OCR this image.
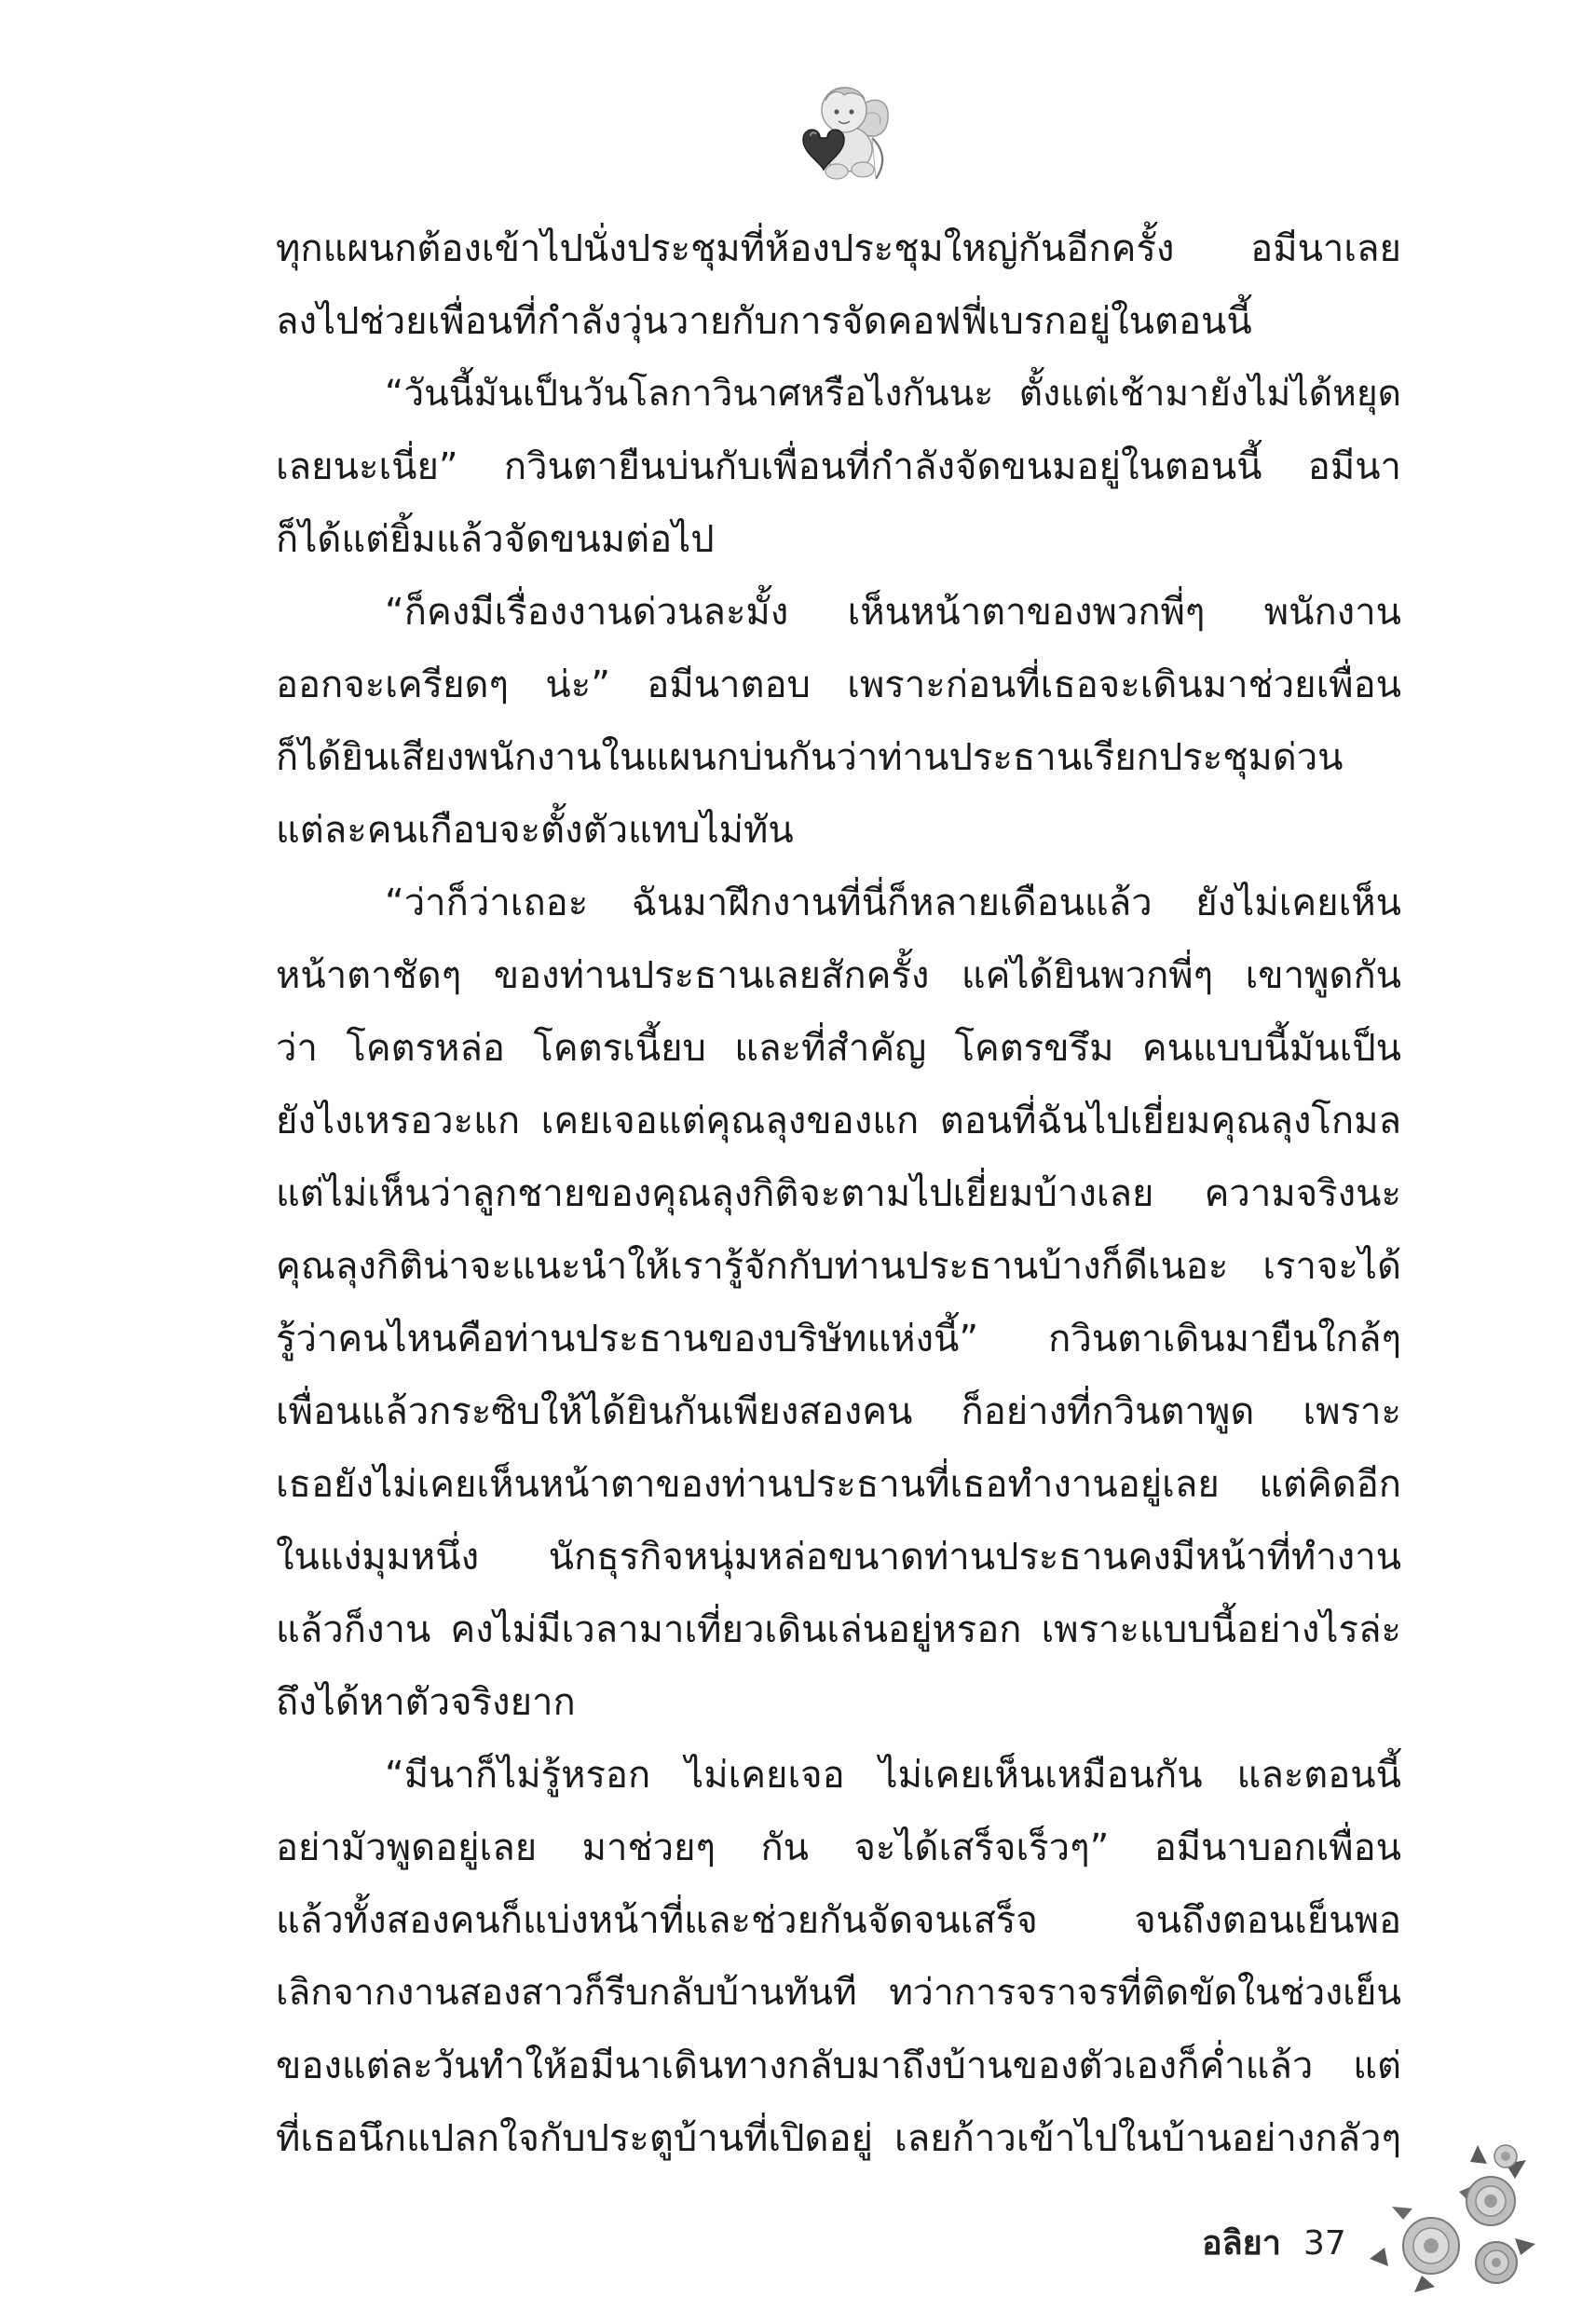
ทุกแผนกต้องเข้าไปนั่งประชุมที่ห้องประชุมใหญ่กันอีกครั้ง อมีนาเลย
ลงไปช่วยเพื่อนที่กำลังวุ่นวายกับการจัดคอฟฟี่เบรกอยู่ในตอนนี้
“วันนี้มันเป็นวันโลกาวินาศหรือไงกันนะ ตั้งแต่เช้ามายังไม่ได้หยุด
เลยนะเนี่ย” กวินตายืนบ่นกับเพื่อนที่กำลังจัดขนมอยู่ในตอนนี้ อมีนา
ก็ได้แต่ยิ้มแล้วจัดขนมต่อไป
“ก็คงมีเรื่องงานด่วนละมั้ง เห็นหน้าตาของพวกพี่ๆ พนักงาน
ออกจะเครียดๆ น่ะ” อมีนาตอบ เพราะก่อนที่เธอจะเดินมาช่วยเพื่อน
ก็ได้ยินเสียงพนักงานในแผนกบ่นกันว่าท่านประธานเรียกประชุมด่วน
แต่ละคนเกือบจะตั้งตัวแทบไม่ทัน
“ว่าก็ว่าเถอะ ฉันมาฝึกงานที่นี่ก็หลายเดือนแล้ว ยังไม่เคยเห็น
หน้าตาชัดๆ ของท่านประธานเลยสักครั้ง แค่ได้ยินพวกพี่ๆ เขาพูดกัน
ว่า โคตรหล่อ โคตรเนี้ยบ และที่สำคัญ โคตรขรึม คนแบบนี้มันเป็น
ยังไงเหรอวะแก เคยเจอแต่คุณลุงของแก ตอนที่ฉันไปเยี่ยมคุณลุงโกมล
แต่ไม่เห็นว่าลูกชายของคุณลุงกิติจะตามไปเยี่ยมบ้างเลย ความจริงนะ
คุณลุงกิติน่าจะแนะนำให้เรารู้จักกับท่านประธานบ้างก็ดีเนอะ เราจะได้
รู้ว่าคนไหนคือท่านประธานของบริษัทแห่งนี้” กวินตาเดินมายืนใกล้ๆ
เพื่อนแล้วกระซิบให้ได้ยินกันเพียงสองคน ก็อย่างที่กวินตาพูด เพราะ
เธอยังไม่เคยเห็นหน้าตาของท่านประธานที่เธอทำงานอยู่เลย แต่คิดอีก
ในแง่มุมหนึ่ง นักธุรกิจหนุ่มหล่อขนาดท่านประธานคงมีหน้าที่ทำงาน
แล้วก็งาน คงไม่มีเวลามาเที่ยวเดินเล่นอยู่หรอก เพราะแบบนี้อย่างไรล่ะ
ถึงได้หาตัวจริงยาก
“มีนาก็ไม่รู้หรอก ไม่เคยเจอ ไม่เคยเห็นเหมือนกัน และตอนนี้
อย่ามัวพูดอยู่เลย มาช่วยๆ กัน จะได้เสร็จเร็วๆ” อมีนาบอกเพื่อน
แล้วทั้งสองคนก็แบ่งหน้าที่และช่วยกันจัดจนเสร็จ จนถึงตอนเย็นพอ
เลิกจากงานสองสาวก็รีบกลับบ้านทันที ทว่าการจราจรที่ติดขัดในช่วงเย็น
ของแต่ละวันทำให้อมีนาเดินทางกลับมาถึงบ้านของตัวเองก็ค่ำแล้ว แต่
ที่เธอนึกแปลกใจกับประตูบ้านที่เปิดอยู่ เลยก้าวเข้าไปในบ้านอย่างกลัวๆ
อลิยา 37
